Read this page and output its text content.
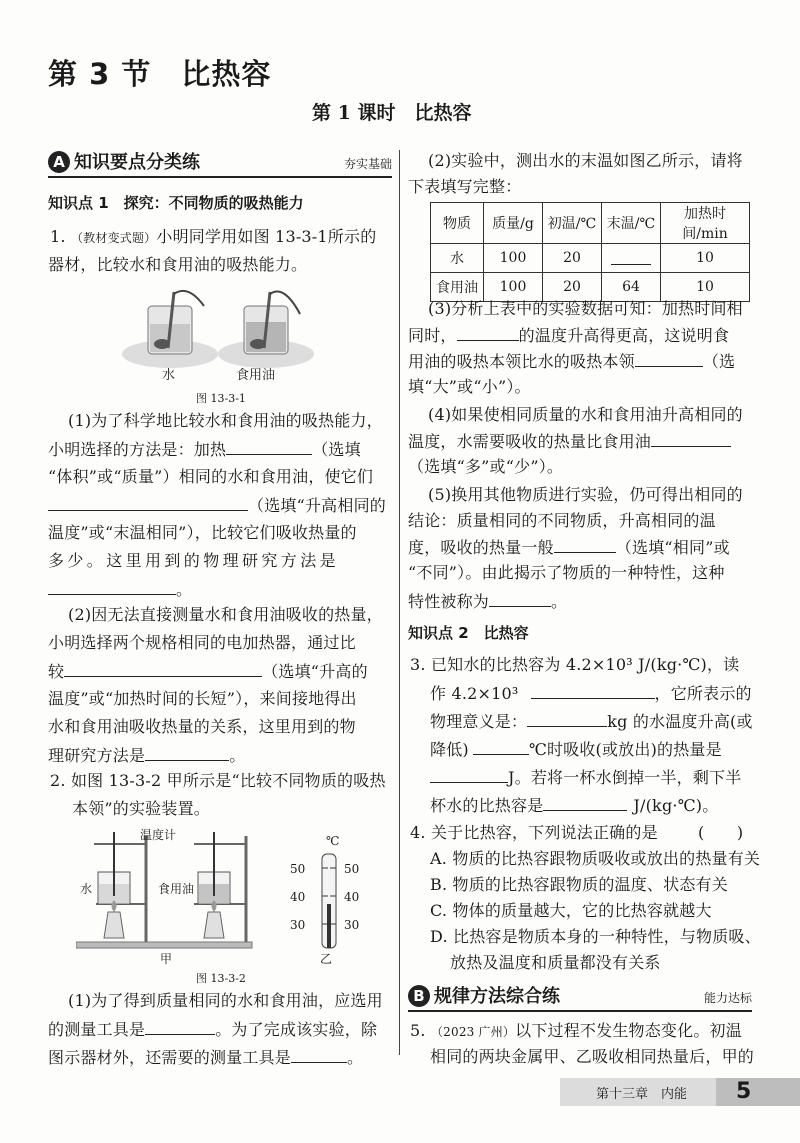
第 3 节　比热容
第 1 课时　比热容
A 知识要点分类练	夯实基础
知识点 1　探究：不同物质的吸热能力
1. （教材变式题）小明同学用如图 13-3-1所示的
器材，比较水和食用油的吸热能力。
水	食用油
图 13-3-1
(1)为了科学地比较水和食用油的吸热能力，
小明选择的方法是：加热	（选填
“体积”或“质量”）相同的水和食用油，使它们
（选填“升高相同的
温度”或“末温相同”），比较它们吸收热量的
多少。这里用到的物理研究方法是
。
(2)因无法直接测量水和食用油吸收的热量，
小明选择两个规格相同的电加热器，通过比
较	（选填“升高的
温度”或“加热时间的长短”），来间接地得出
水和食用油吸收热量的关系，这里用到的物
理研究方法是	。
2. 如图 13-3-2 甲所示是“比较不同物质的吸热
本领”的实验装置。
温度计
水	食用油
甲
℃
50
40
30
50
40
30
乙
图 13-3-2
(1)为了得到质量相同的水和食用油，应选用
的测量工具是	。为了完成该实验，除
图示器材外，还需要的测量工具是	。
(2)实验中，测出水的末温如图乙所示，请将
下表填写完整：
物质	质量/g	初温/℃	末温/℃	加热时间/min
水	100	20		10
食用油	100	20	64	10
(3)分析上表中的实验数据可知：加热时间相
同时，	的温度升高得更高，这说明食
用油的吸热本领比水的吸热本领	（选
填“大”或“小”）。
(4)如果使相同质量的水和食用油升高相同的
温度，水需要吸收的热量比食用油
（选填“多”或“少”）。
(5)换用其他物质进行实验，仍可得出相同的
结论：质量相同的不同物质，升高相同的温
度，吸收的热量一般	（选填“相同”或
“不同”）。由此揭示了物质的一种特性，这种
特性被称为	。
知识点 2　比热容
3. 已知水的比热容为 4.2×10³ J/(kg·℃)，读
作 4.2×10³	，它所表示的
物理意义是：	kg 的水温度升高(或
降低)	℃时吸收(或放出)的热量是
J。若将一杯水倒掉一半，剩下半
杯水的比热容是	J/(kg·℃)。
4. 关于比热容，下列说法正确的是	(　　)
A. 物质的比热容跟物质吸收或放出的热量有关
B. 物质的比热容跟物质的温度、状态有关
C. 物体的质量越大，它的比热容就越大
D. 比热容是物质本身的一种特性，与物质吸、
放热及温度和质量都没有关系
B 规律方法综合练	能力达标
5. （2023 广州）以下过程不发生物态变化。初温
相同的两块金属甲、乙吸收相同热量后，甲的
第十三章　内能 5
